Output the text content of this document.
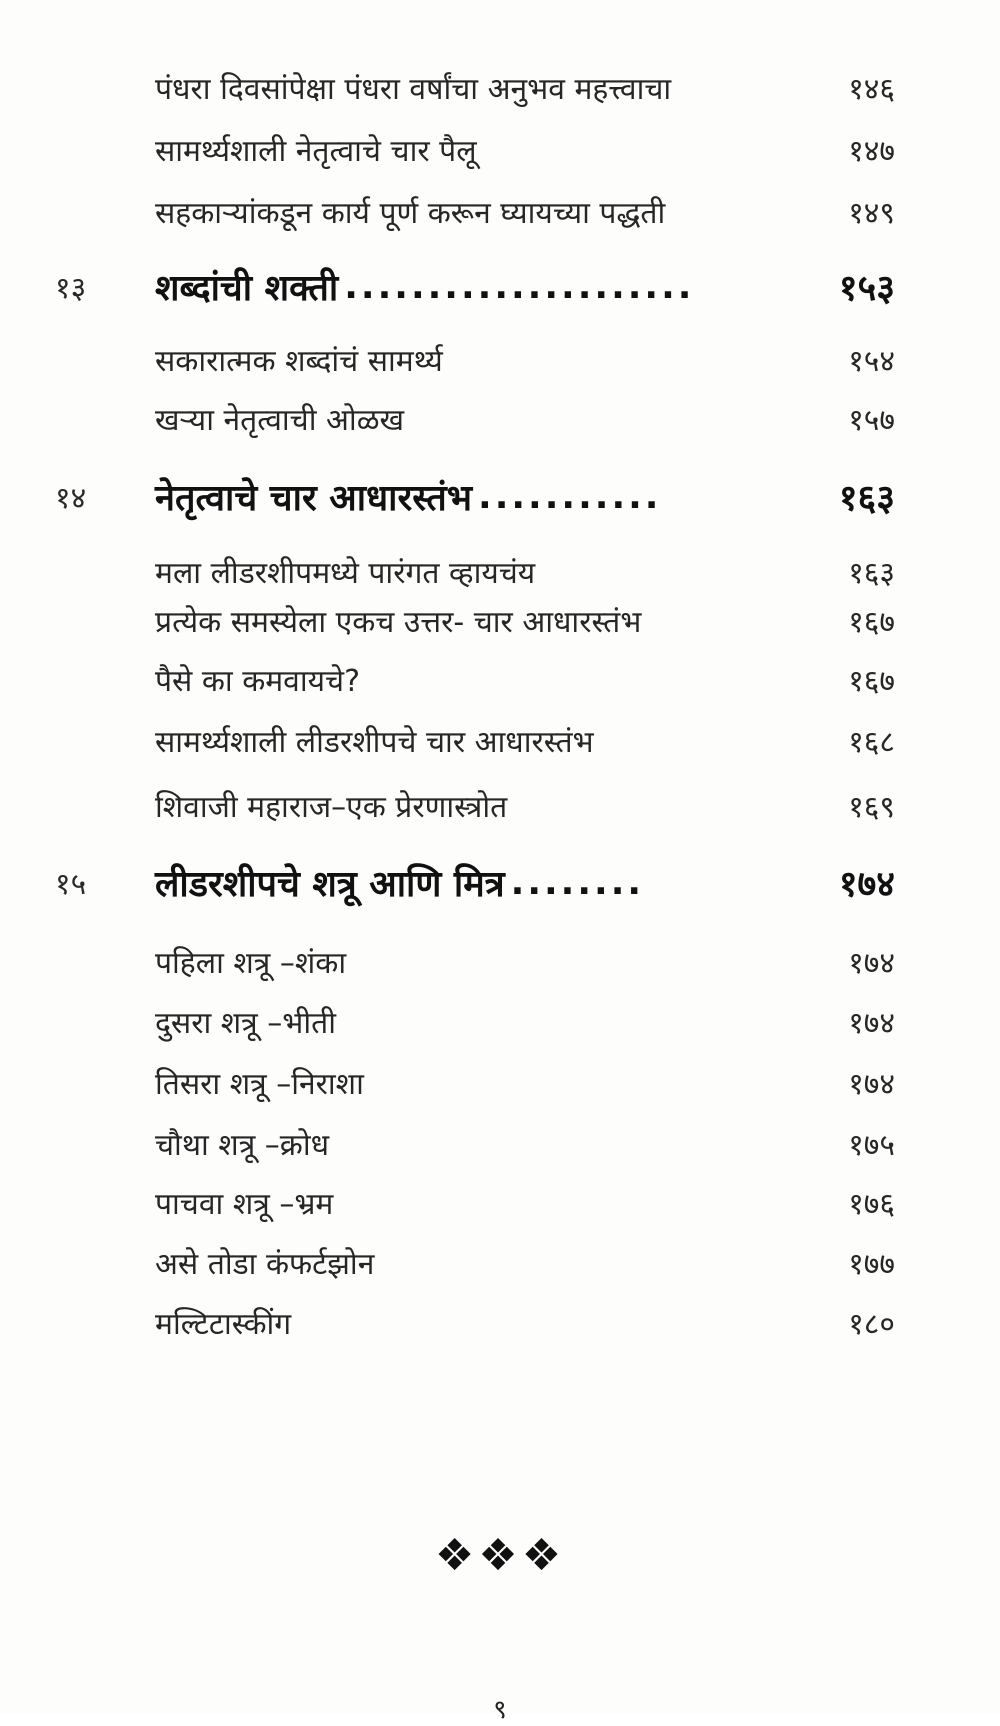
पंधरा दिवसांपेक्षा पंधरा वर्षांचा अनुभव महत्त्वाचा	१४६
सामर्थ्यशाली नेतृत्वाचे चार पैलू	१४७
सहकाऱ्यांकडून कार्य पूर्ण करून घ्यायच्या पद्धती	१४९
१३	शब्दांची शक्ती .....................	१५३
सकारात्मक शब्दांचं सामर्थ्य	१५४
खऱ्या नेतृत्वाची ओळख	१५७
१४	नेतृत्वाचे चार आधारस्तंभ ...........	१६३
मला लीडरशीपमध्ये पारंगत व्हायचंय	१६३
प्रत्येक समस्येला एकच उत्तर- चार आधारस्तंभ	१६७
पैसे का कमवायचे?	१६७
सामर्थ्यशाली लीडरशीपचे चार आधारस्तंभ	१६८
शिवाजी महाराज–एक प्रेरणास्त्रोत	१६९
१५	लीडरशीपचे शत्रू आणि मित्र ........	१७४
पहिला शत्रू –शंका	१७४
दुसरा शत्रू –भीती	१७४
तिसरा शत्रू –निराशा	१७४
चौथा शत्रू –क्रोध	१७५
पाचवा शत्रू –भ्रम	१७६
असे तोडा कंफर्टझोन	१७७
मल्टिटास्कींग	१८०
❖❖❖
९
